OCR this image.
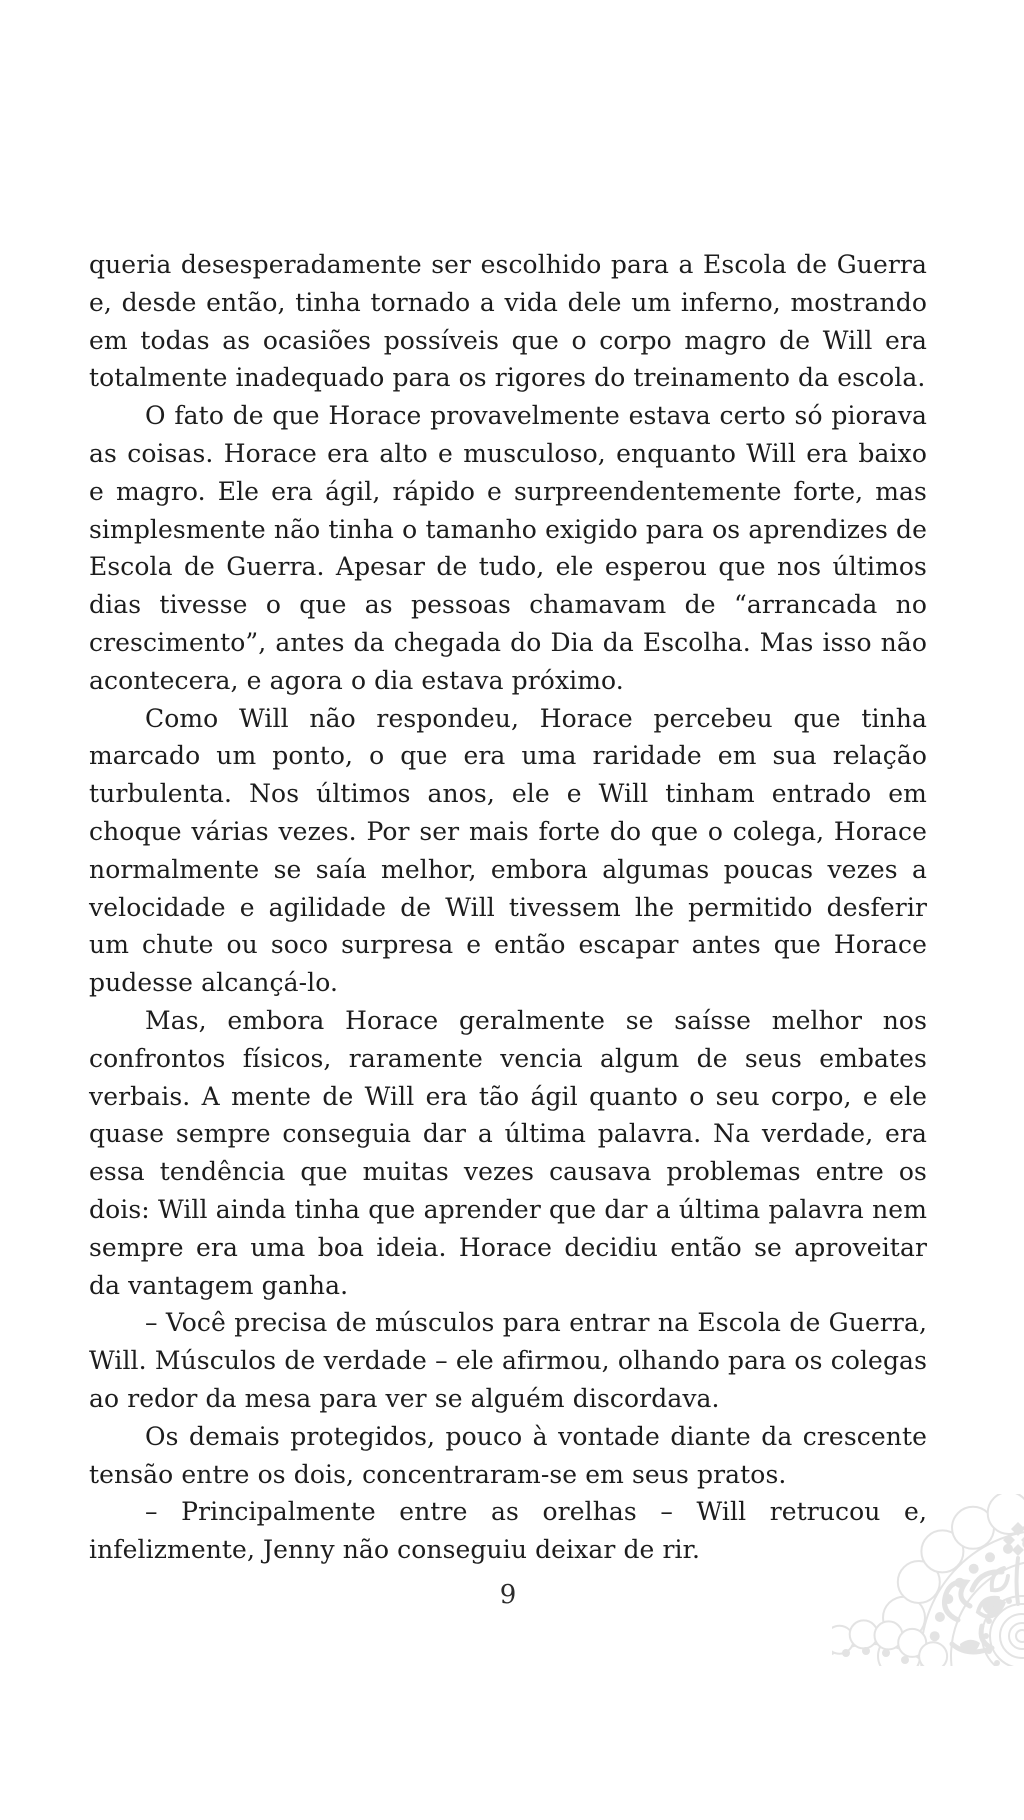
queria desesperadamente ser escolhido para a Escola de Guerra e, desde então, tinha tornado a vida dele um inferno, mostrando em todas as ocasiões possíveis que o corpo magro de Will era totalmente inadequado para os rigores do treinamento da escola.

O fato de que Horace provavelmente estava certo só piorava as coisas. Horace era alto e musculoso, enquanto Will era baixo e magro. Ele era ágil, rápido e surpreendentemente forte, mas simplesmente não tinha o tamanho exigido para os aprendizes de Escola de Guerra. Apesar de tudo, ele esperou que nos últimos dias tivesse o que as pessoas chamavam de “arrancada no crescimento”, antes da chegada do Dia da Escolha. Mas isso não acontecera, e agora o dia estava próximo.

Como Will não respondeu, Horace percebeu que tinha marcado um ponto, o que era uma raridade em sua relação turbulenta. Nos últimos anos, ele e Will tinham entrado em choque várias vezes. Por ser mais forte do que o colega, Horace normalmente se saía melhor, embora algumas poucas vezes a velocidade e agilidade de Will tivessem lhe permitido desferir um chute ou soco surpresa e então escapar antes que Horace pudesse alcançá-lo.

Mas, embora Horace geralmente se saísse melhor nos confrontos físicos, raramente vencia algum de seus embates verbais. A mente de Will era tão ágil quanto o seu corpo, e ele quase sempre conseguia dar a última palavra. Na verdade, era essa tendência que muitas vezes causava problemas entre os dois: Will ainda tinha que aprender que dar a última palavra nem sempre era uma boa ideia. Horace decidiu então se aproveitar da vantagem ganha.

– Você precisa de músculos para entrar na Escola de Guerra, Will. Músculos de verdade – ele afirmou, olhando para os colegas ao redor da mesa para ver se alguém discordava.

Os demais protegidos, pouco à vontade diante da crescente tensão entre os dois, concentraram-se em seus pratos.

– Principalmente entre as orelhas – Will retrucou e, infelizmente, Jenny não conseguiu deixar de rir.

9
